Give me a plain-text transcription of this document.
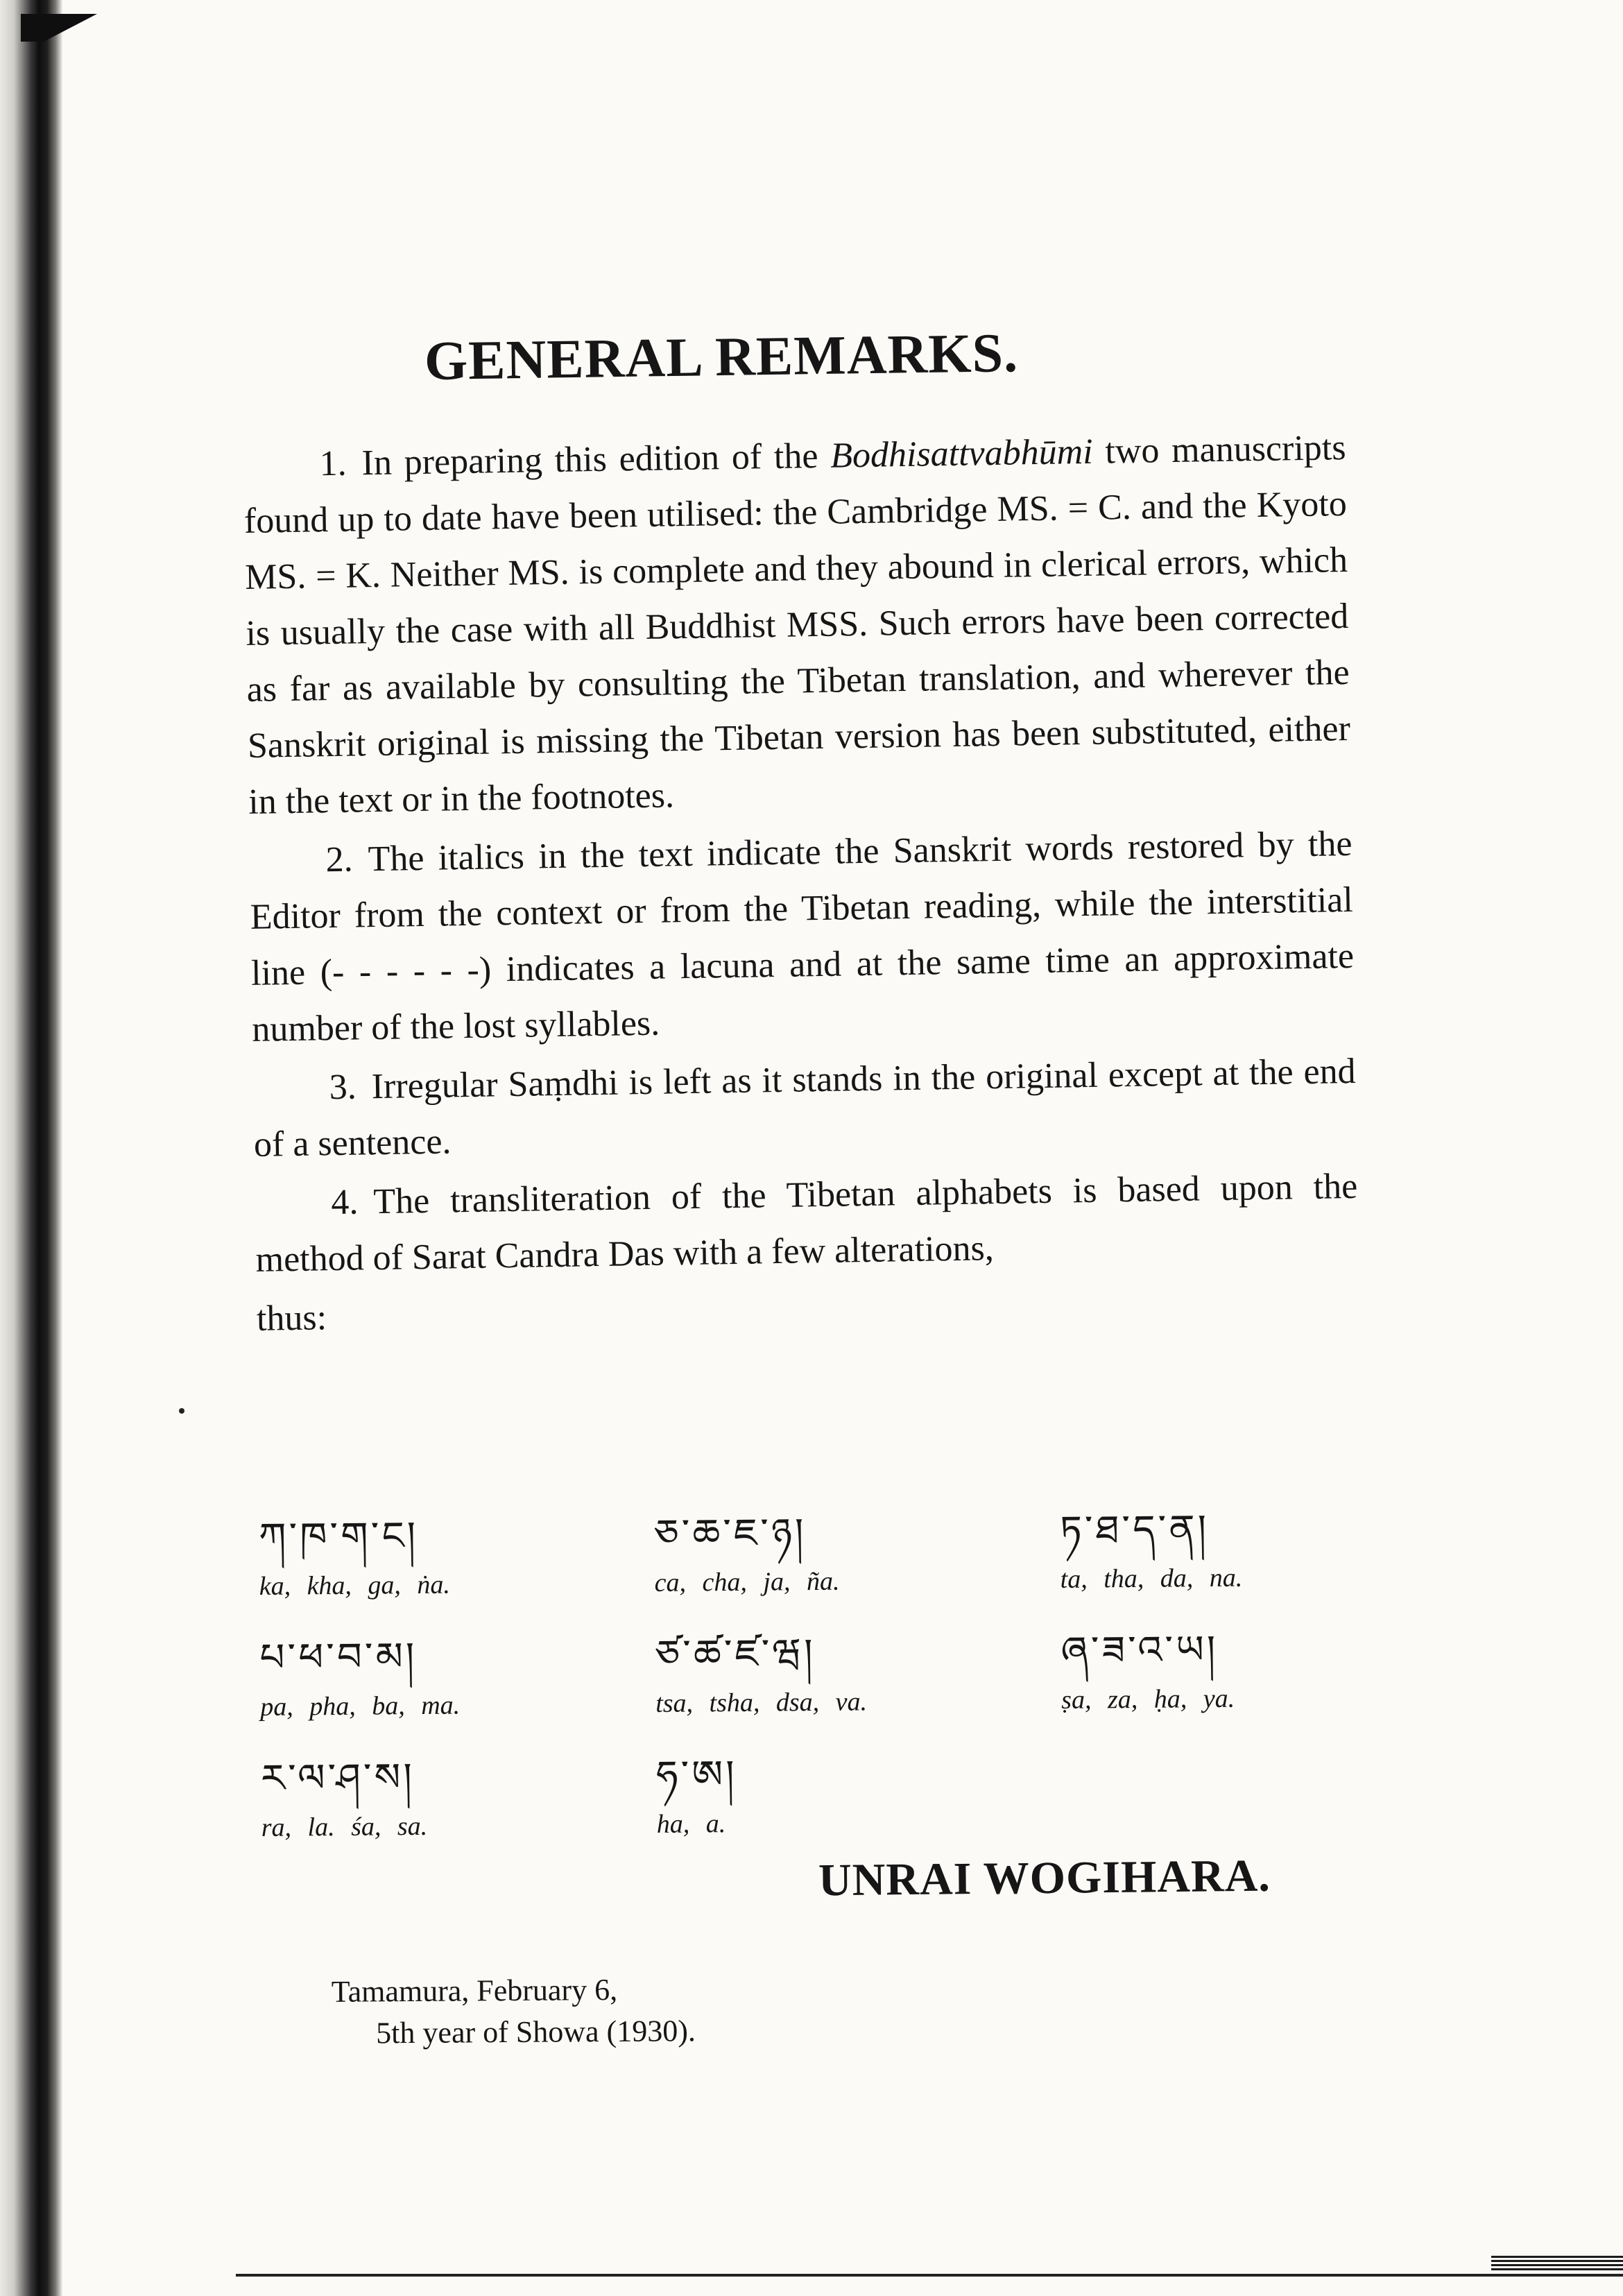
GENERAL REMARKS.

1. In preparing this edition of the Bodhisattvabhūmi two manuscripts found up to date have been utilised: the Cambridge MS. = C. and the Kyoto MS. = K. Neither MS. is complete and they abound in clerical errors, which is usually the case with all Buddhist MSS. Such errors have been corrected as far as available by consulting the Tibetan translation, and wherever the Sanskrit original is missing the Tibetan version has been substituted, either in the text or in the footnotes.

2. The italics in the text indicate the Sanskrit words restored by the Editor from the context or from the Tibetan reading, while the interstitial line (- - - - - -) indicates a lacuna and at the same time an approximate number of the lost syllables.

3. Irregular Saṃdhi is left as it stands in the original except at the end of a sentence.

4. The transliteration of the Tibetan alphabets is based upon the method of Sarat Candra Das with a few alterations,

thus:

ཀ་ཁ་ག་ང།
ka, kha, ga, ṅa.
པ་ཕ་བ་མ།
pa, pha, ba, ma.
ར་ལ་ཤ་ས།
ra, la. śa, sa.
ཅ་ཆ་ཇ་ཉ།
ca, cha, ja, ña.
ཙ་ཚ་ཛ་ཝ།
tsa, tsha, dsa, va.
ཧ་ཨ།
ha, a.
ཏ་ཐ་ད་ན།
ta, tha, da, na.
ཞ་ཟ་འ་ཡ།
ṣa, za, ḥa, ya.
UNRAI WOGIHARA.
Tamamura, February 6,
5th year of Showa (1930).
